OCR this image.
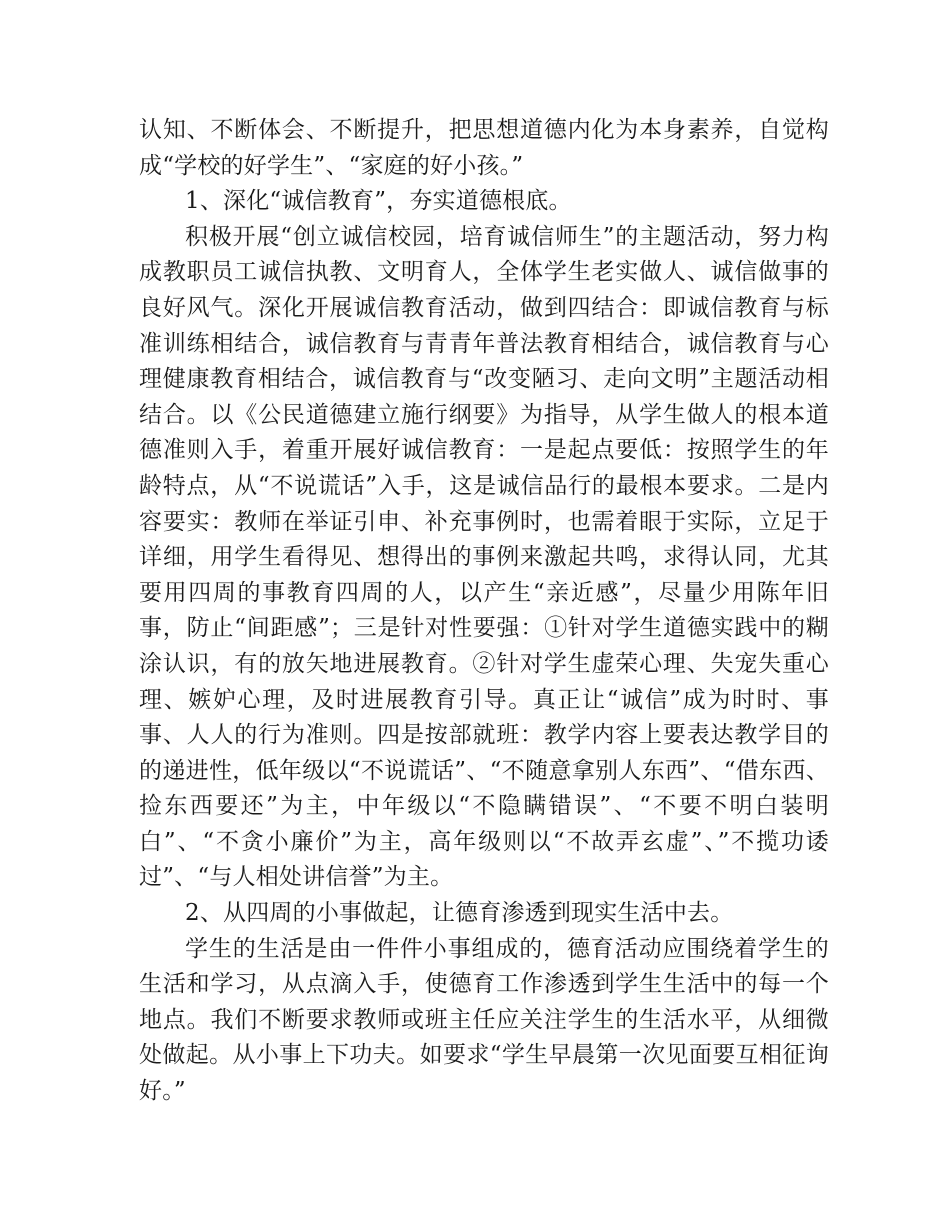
认知、不断体会、不断提升，把思想道德内化为本身素养，自觉构成“学校的好学生”、“家庭的好小孩。”

1、深化“诚信教育”，夯实道德根底。

积极开展“创立诚信校园，培育诚信师生”的主题活动，努力构成教职员工诚信执教、文明育人，全体学生老实做人、诚信做事的良好风气。深化开展诚信教育活动，做到四结合：即诚信教育与标准训练相结合，诚信教育与青青年普法教育相结合，诚信教育与心理健康教育相结合，诚信教育与“改变陋习、走向文明”主题活动相结合。以《公民道德建立施行纲要》为指导，从学生做人的根本道德准则入手，着重开展好诚信教育：一是起点要低：按照学生的年龄特点，从“不说谎话”入手，这是诚信品行的最根本要求。二是内容要实：教师在举证引申、补充事例时，也需着眼于实际，立足于详细，用学生看得见、想得出的事例来激起共鸣，求得认同，尤其要用四周的事教育四周的人，以产生“亲近感”，尽量少用陈年旧事，防止“间距感”；三是针对性要强：①针对学生道德实践中的糊涂认识，有的放矢地进展教育。②针对学生虚荣心理、失宠失重心理、嫉妒心理，及时进展教育引导。真正让“诚信”成为时时、事事、人人的行为准则。四是按部就班：教学内容上要表达教学目的的递进性，低年级以“不说谎话”、“不随意拿别人东西”、“借东西、捡东西要还”为主，中年级以“不隐瞒错误”、“不要不明白装明白”、“不贪小廉价”为主，高年级则以“不故弄玄虚”、”不揽功诿过”、“与人相处讲信誉”为主。

2、从四周的小事做起，让德育渗透到现实生活中去。

学生的生活是由一件件小事组成的，德育活动应围绕着学生的生活和学习，从点滴入手，使德育工作渗透到学生生活中的每一个地点。我们不断要求教师或班主任应关注学生的生活水平，从细微处做起。从小事上下功夫。如要求“学生早晨第一次见面要互相征询好。”
